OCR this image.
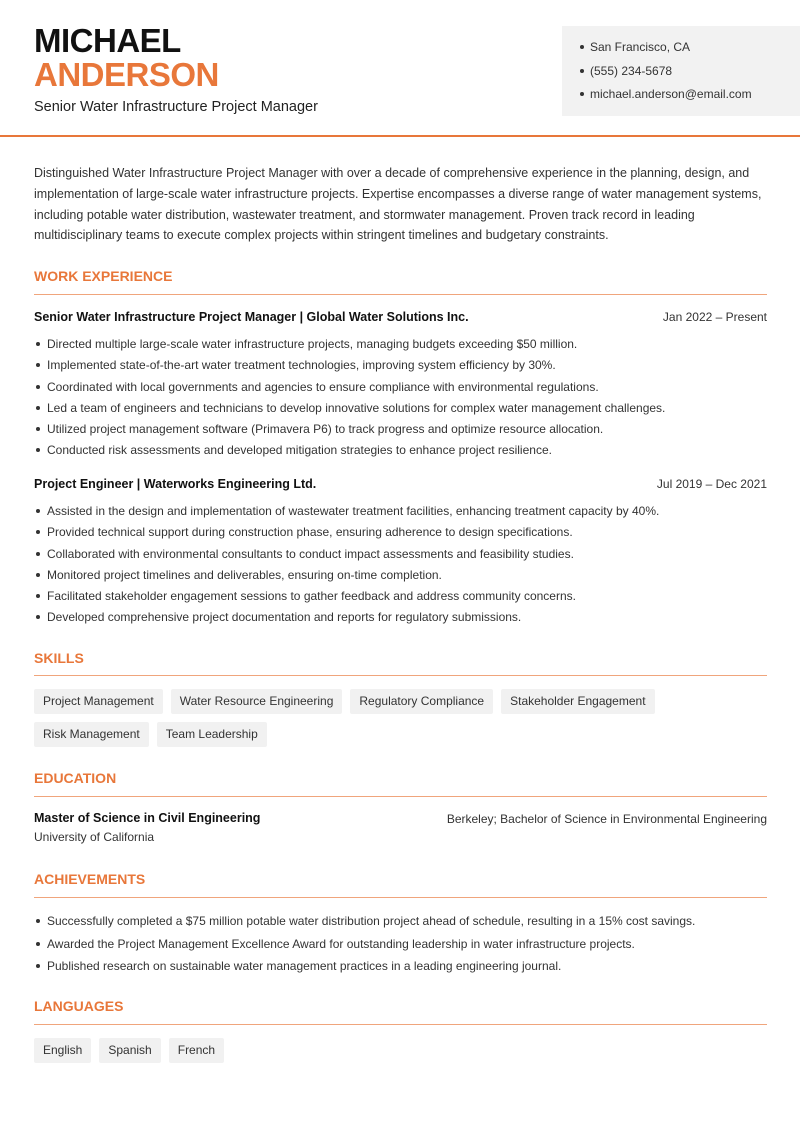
MICHAEL
ANDERSON
Senior Water Infrastructure Project Manager
San Francisco, CA
(555) 234-5678
michael.anderson@email.com

Distinguished Water Infrastructure Project Manager with over a decade of comprehensive experience in the planning, design, and implementation of large-scale water infrastructure projects. Expertise encompasses a diverse range of water management systems, including potable water distribution, wastewater treatment, and stormwater management. Proven track record in leading multidisciplinary teams to execute complex projects within stringent timelines and budgetary constraints.

WORK EXPERIENCE
Senior Water Infrastructure Project Manager | Global Water Solutions Inc.	Jan 2022 – Present
Directed multiple large-scale water infrastructure projects, managing budgets exceeding $50 million.
Implemented state-of-the-art water treatment technologies, improving system efficiency by 30%.
Coordinated with local governments and agencies to ensure compliance with environmental regulations.
Led a team of engineers and technicians to develop innovative solutions for complex water management challenges.
Utilized project management software (Primavera P6) to track progress and optimize resource allocation.
Conducted risk assessments and developed mitigation strategies to enhance project resilience.
Project Engineer | Waterworks Engineering Ltd.	Jul 2019 – Dec 2021
Assisted in the design and implementation of wastewater treatment facilities, enhancing treatment capacity by 40%.
Provided technical support during construction phase, ensuring adherence to design specifications.
Collaborated with environmental consultants to conduct impact assessments and feasibility studies.
Monitored project timelines and deliverables, ensuring on-time completion.
Facilitated stakeholder engagement sessions to gather feedback and address community concerns.
Developed comprehensive project documentation and reports for regulatory submissions.
SKILLS
Project Management	Water Resource Engineering	Regulatory Compliance	Stakeholder Engagement
Risk Management	Team Leadership
EDUCATION
Master of Science in Civil Engineering
University of California
Berkeley; Bachelor of Science in Environmental Engineering
ACHIEVEMENTS
Successfully completed a $75 million potable water distribution project ahead of schedule, resulting in a 15% cost savings.
Awarded the Project Management Excellence Award for outstanding leadership in water infrastructure projects.
Published research on sustainable water management practices in a leading engineering journal.
LANGUAGES
English	Spanish	French
